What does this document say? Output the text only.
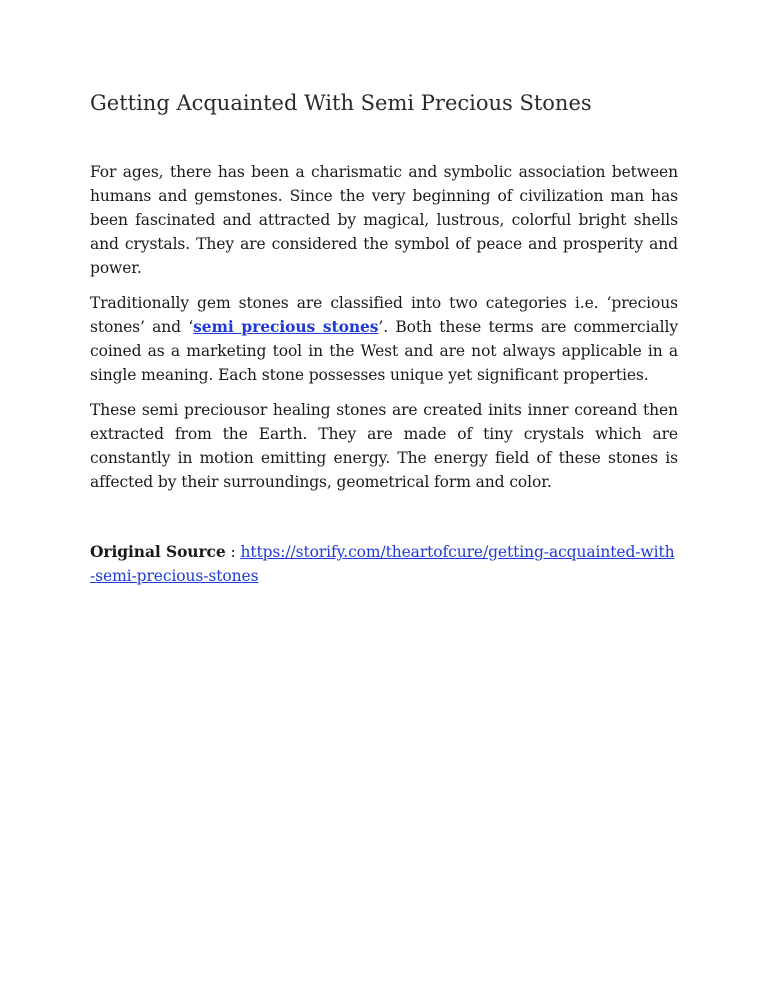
Getting Acquainted With Semi Precious Stones

For ages, there has been a charismatic and symbolic association between humans and gemstones. Since the very beginning of civilization man has been fascinated and attracted by magical, lustrous, colorful bright shells and crystals. They are considered the symbol of peace and prosperity and power.

Traditionally gem stones are classified into two categories i.e. ‘precious stones’ and ‘semi precious stones’. Both these terms are commercially coined as a marketing tool in the West and are not always applicable in a single meaning. Each stone possesses unique yet significant properties.

These semi preciousor healing stones are created inits inner coreand then extracted from the Earth. They are made of tiny crystals which are constantly in motion emitting energy. The energy field of these stones is affected by their surroundings, geometrical form and color.

Original Source : https://storify.com/theartofcure/getting-acquainted-with-semi-precious-stones
